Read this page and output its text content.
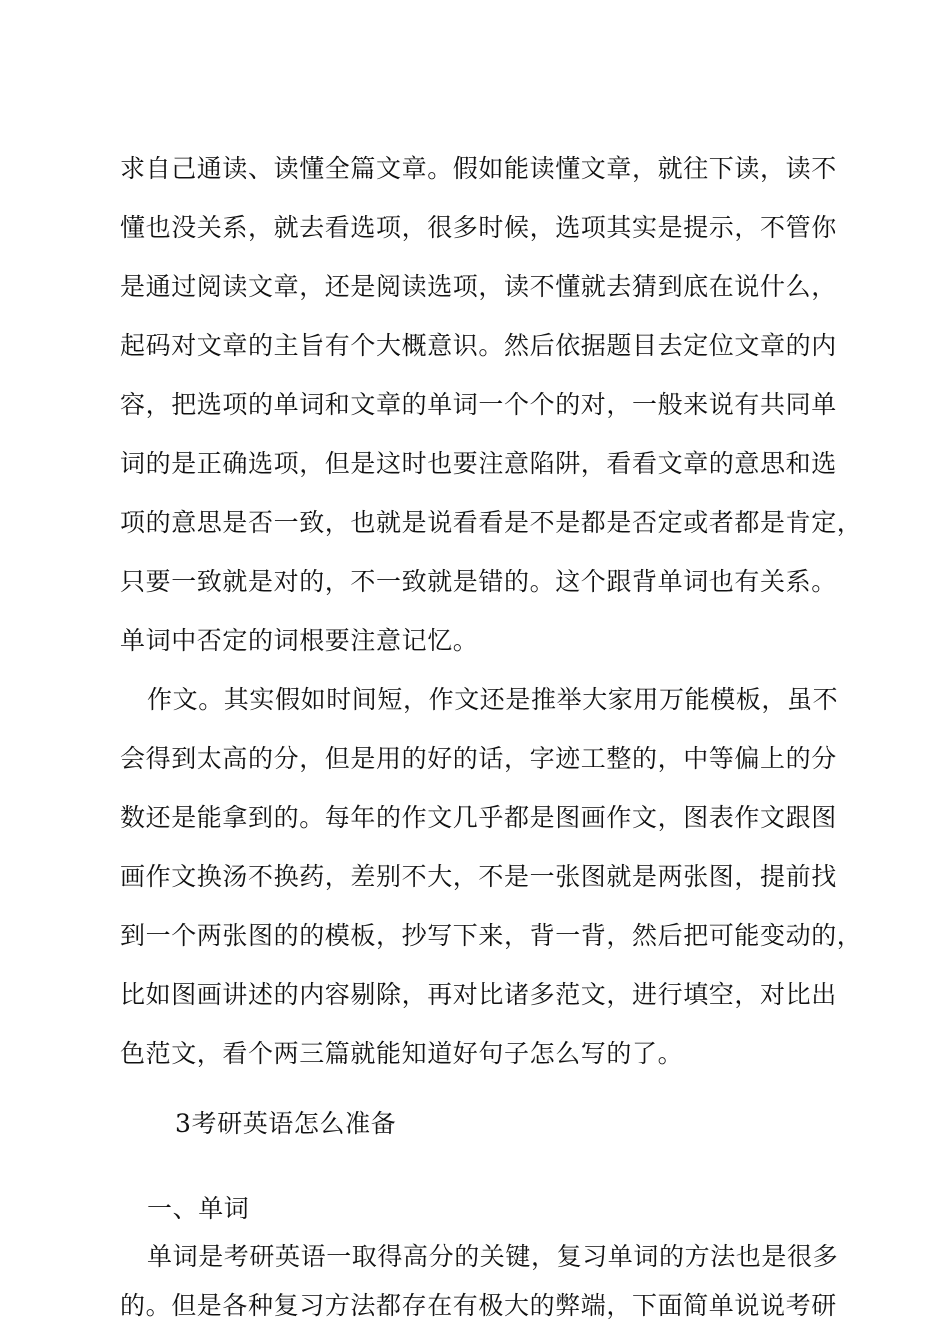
求自己通读、读懂全篇文章。假如能读懂文章，就往下读，读不
懂也没关系，就去看选项，很多时候，选项其实是提示，不管你
是通过阅读文章，还是阅读选项，读不懂就去猜到底在说什么，
起码对文章的主旨有个大概意识。然后依据题目去定位文章的内
容，把选项的单词和文章的单词一个个的对，一般来说有共同单
词的是正确选项，但是这时也要注意陷阱，看看文章的意思和选
项的意思是否一致，也就是说看看是不是都是否定或者都是肯定，
只要一致就是对的，不一致就是错的。这个跟背单词也有关系。
单词中否定的词根要注意记忆。
作文。其实假如时间短，作文还是推举大家用万能模板，虽不
会得到太高的分，但是用的好的话，字迹工整的，中等偏上的分
数还是能拿到的。每年的作文几乎都是图画作文，图表作文跟图
画作文换汤不换药，差别不大，不是一张图就是两张图，提前找
到一个两张图的的模板，抄写下来，背一背，然后把可能变动的，
比如图画讲述的内容剔除，再对比诸多范文，进行填空，对比出
色范文，看个两三篇就能知道好句子怎么写的了。
3考研英语怎么准备
一、单词
单词是考研英语一取得高分的关键，复习单词的方法也是很多
的。但是各种复习方法都存在有极大的弊端，下面简单说说考研
